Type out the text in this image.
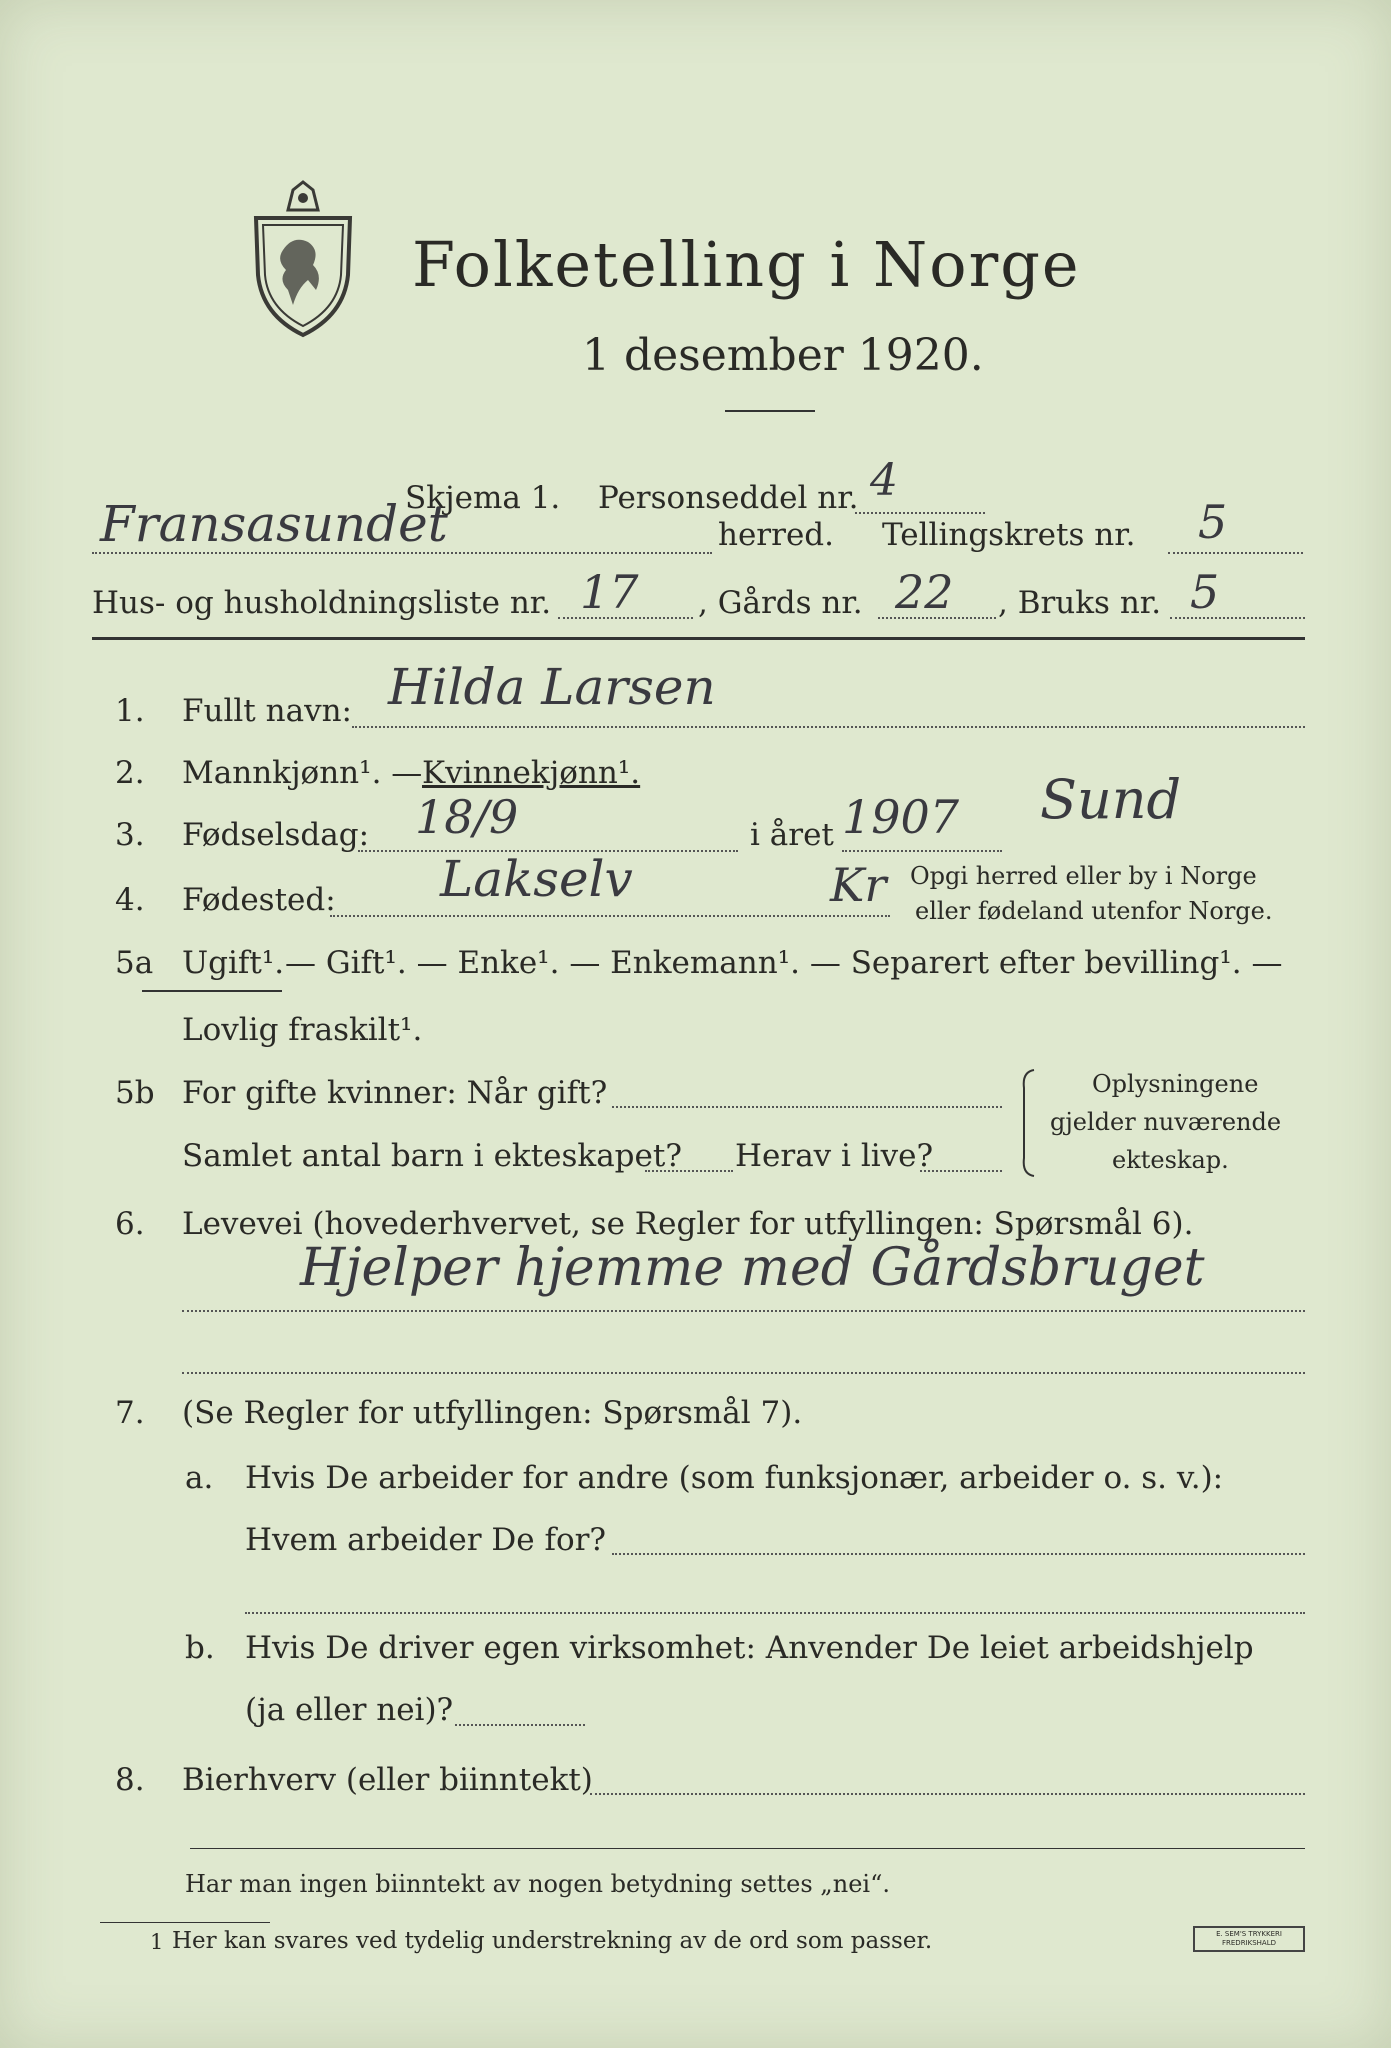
Folketelling i Norge
1 desember 1920.
Skjema 1. Personseddel nr. 4
Fransasundet	herred. Tellingskrets nr. 5
Hus- og husholdningsliste nr. 17 , Gårds nr. 22 , Bruks nr. 5
1. Fullt navn: Hilda Larsen
2. Mannkjønn¹. — Kvinnekjønn¹.
3. Fødselsdag: 18/9	i året 1907 Sund
4. Fødested: Lakselv	Kr Opgi herred eller by i Norge
eller fødeland utenfor Norge.
5a Ugift¹. — Gift¹. — Enke¹. — Enkemann¹. — Separert efter bevilling¹. —
Lovlig fraskilt¹.
5b For gifte kvinner: Når gift?
Samlet antal barn i ekteskapet? Herav i live?
Oplysningene
gjelder nuværende
ekteskap.
6. Levevei (hovederhvervet, se Regler for utfyllingen: Spørsmål 6).
Hjelper hjemme med Gårdsbruget
7. (Se Regler for utfyllingen: Spørsmål 7).
a. Hvis De arbeider for andre (som funksjonær, arbeider o. s. v.):
Hvem arbeider De for?
b. Hvis De driver egen virksomhet: Anvender De leiet arbeidshjelp
(ja eller nei)?
8. Bierhverv (eller biinntekt)
Har man ingen biinntekt av nogen betydning settes „nei“.
1 Her kan svares ved tydelig understrekning av de ord som passer.	E. SEM'S TRYKKERI
FREDRIKSHALD
